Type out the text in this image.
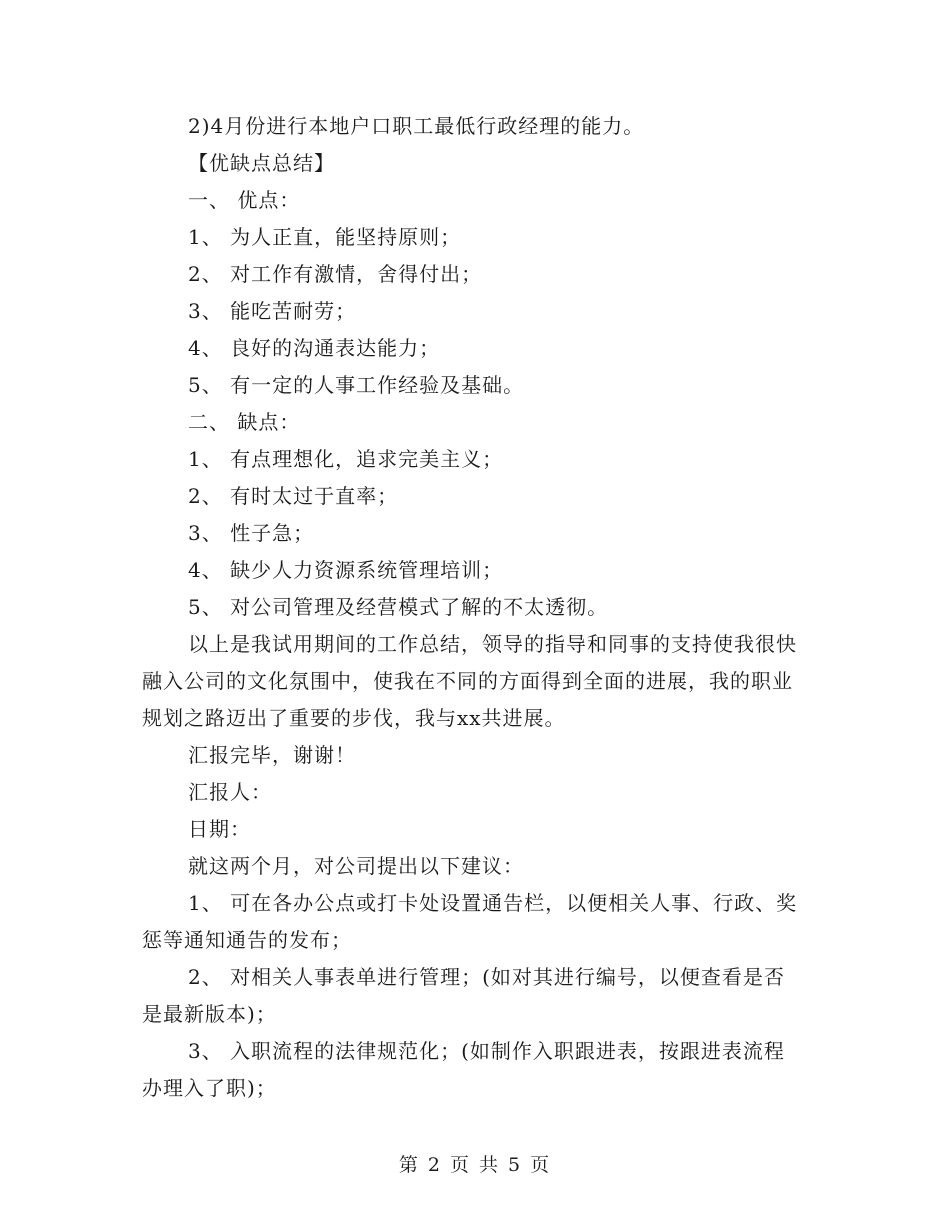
2)4月份进行本地户口职工最低行政经理的能力。
【优缺点总结】
一、 优点：
1、 为人正直，能坚持原则；
2、 对工作有激情，舍得付出；
3、 能吃苦耐劳；
4、 良好的沟通表达能力；
5、 有一定的人事工作经验及基础。
二、 缺点：
1、 有点理想化，追求完美主义；
2、 有时太过于直率；
3、 性子急；
4、 缺少人力资源系统管理培训；
5、 对公司管理及经营模式了解的不太透彻。
以上是我试用期间的工作总结，领导的指导和同事的支持使我很快融入公司的文化氛围中，使我在不同的方面得到全面的进展，我的职业规划之路迈出了重要的步伐，我与xx共进展。
汇报完毕，谢谢！
汇报人：
日期：
就这两个月，对公司提出以下建议：
1、 可在各办公点或打卡处设置通告栏，以便相关人事、行政、奖惩等通知通告的发布；
2、 对相关人事表单进行管理；(如对其进行编号，以便查看是否是最新版本)；
3、 入职流程的法律规范化；(如制作入职跟进表，按跟进表流程办理入了职)；
第 2 页 共 5 页
